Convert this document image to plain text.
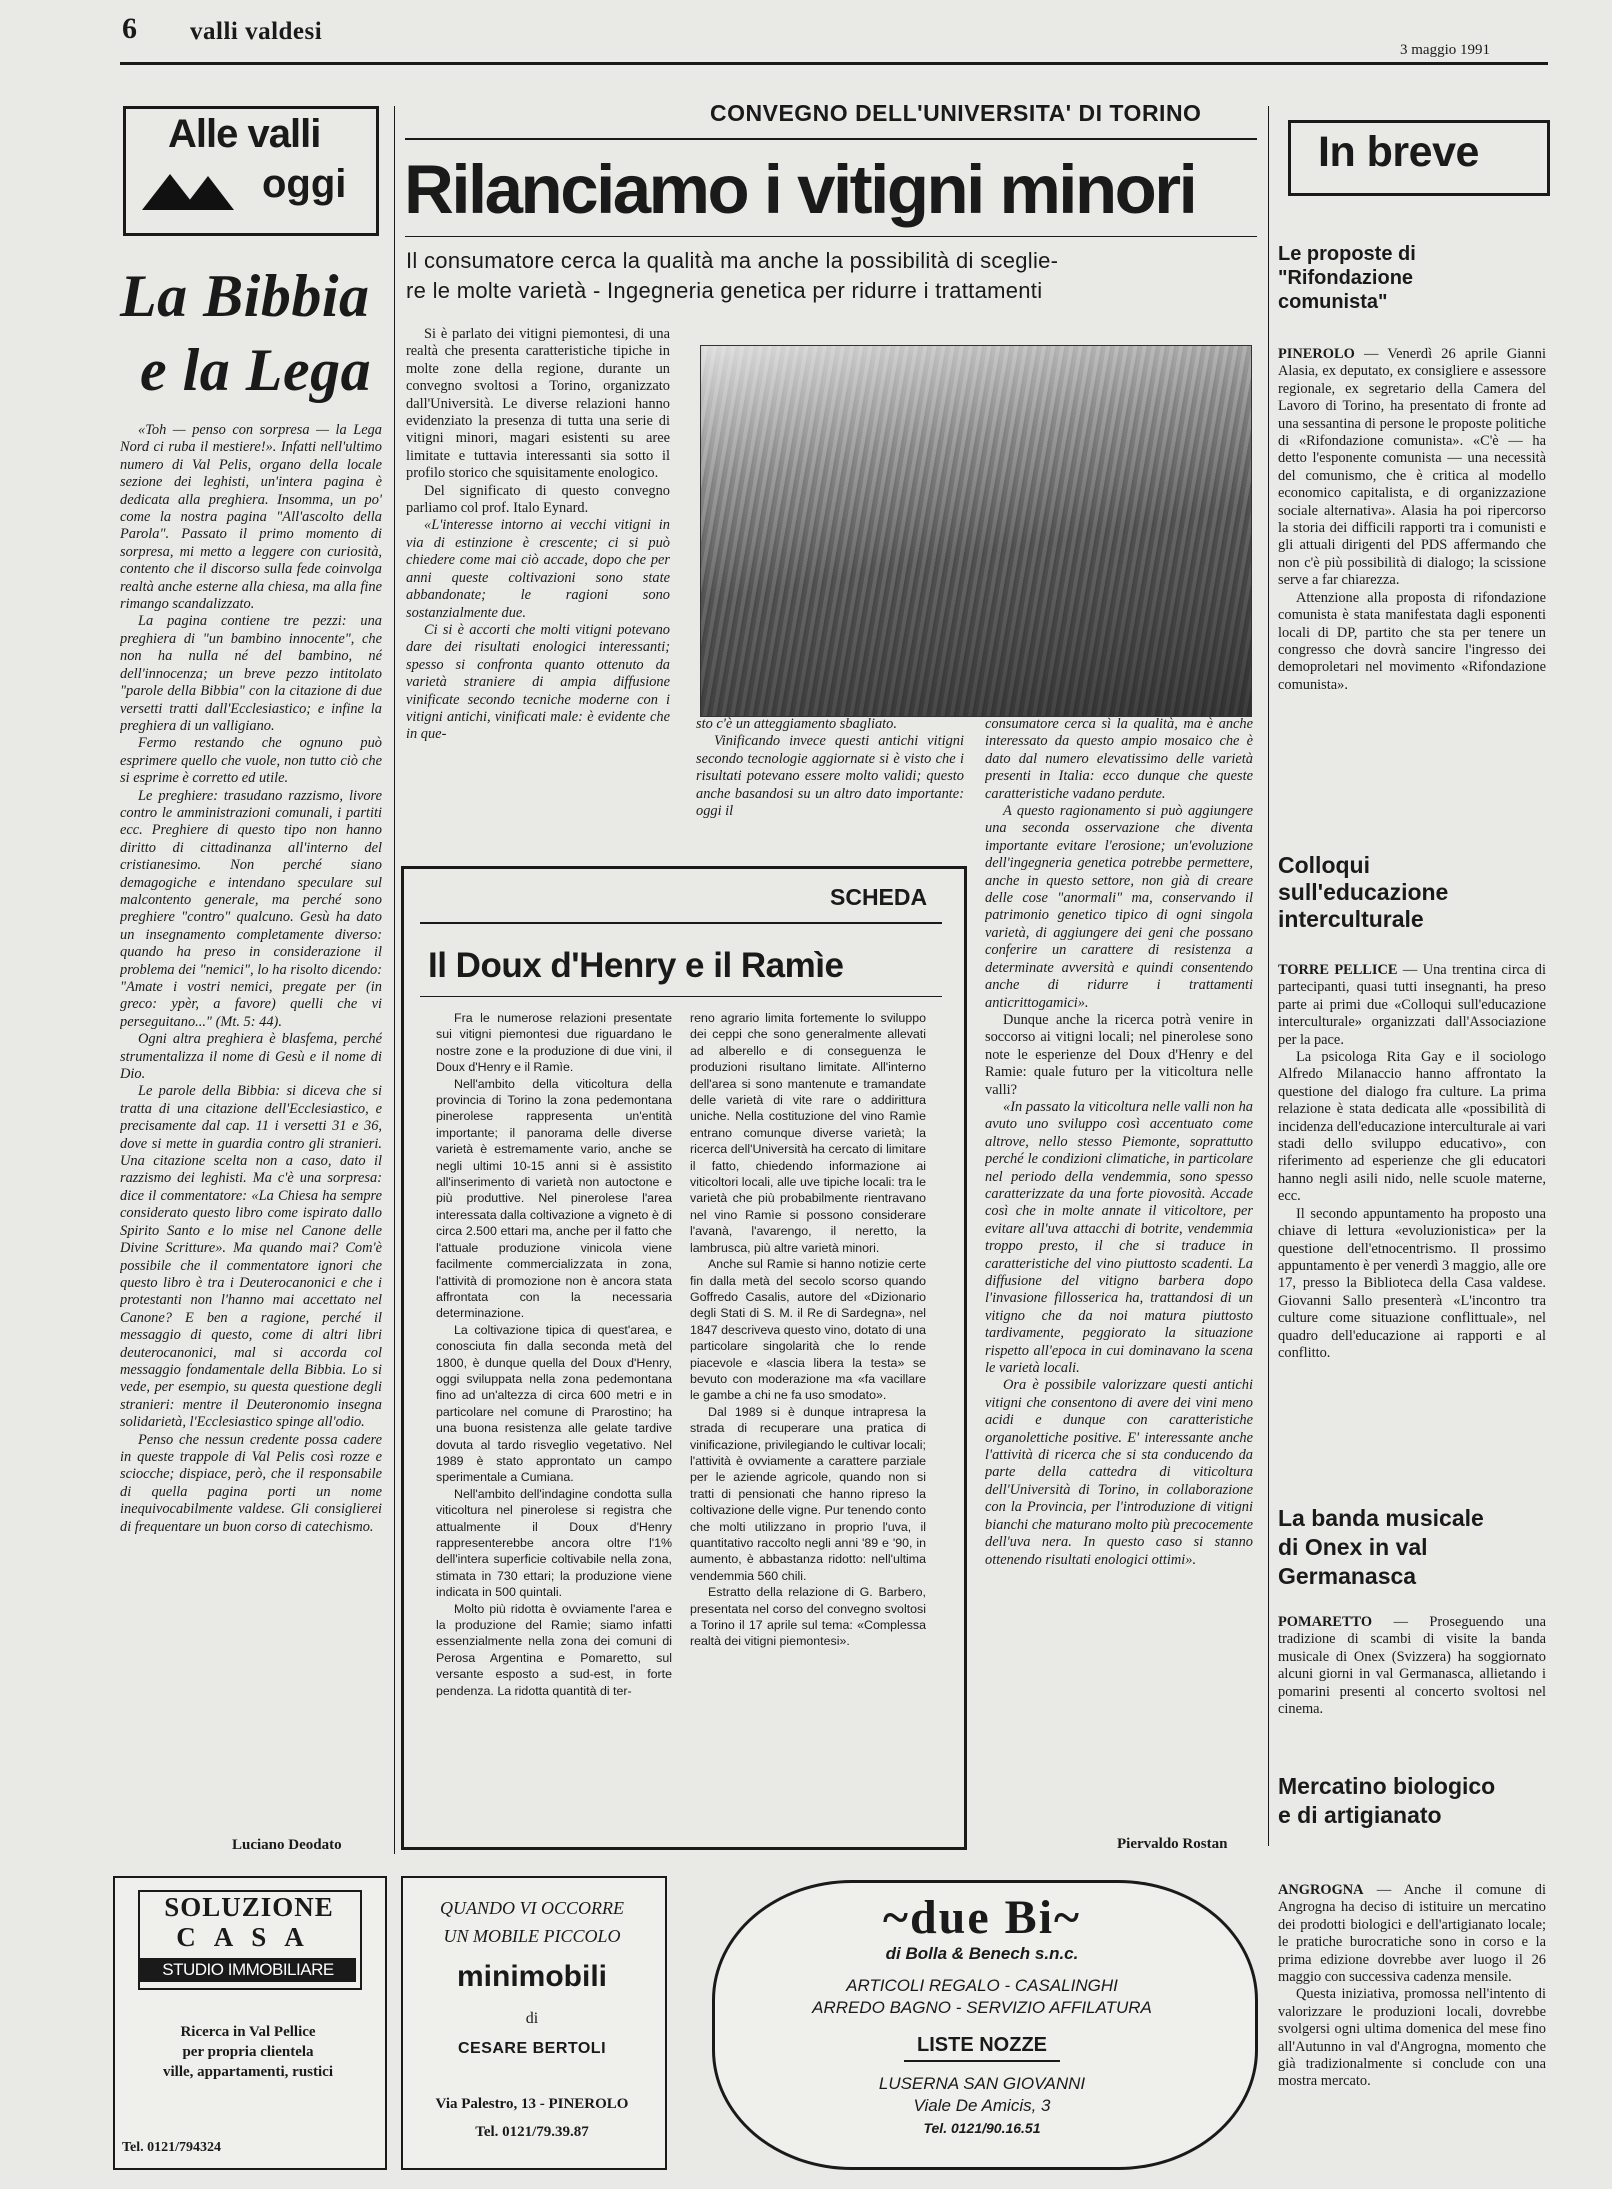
6 valli valdesi
3 maggio 1991
Alle valli
oggi
La Bibbia
e la Lega

«Toh — penso con sorpresa — la Lega Nord ci ruba il mestiere!». Infatti nell'ultimo numero di Val Pelis, organo della locale sezione dei leghisti, un'intera pagina è dedicata alla preghiera. Insomma, un po' come la nostra pagina "All'ascolto della Parola". Passato il primo momento di sorpresa, mi metto a leggere con curiosità, contento che il discorso sulla fede coinvolga realtà anche esterne alla chiesa, ma alla fine rimango scandalizzato.

La pagina contiene tre pezzi: una preghiera di "un bambino innocente", che non ha nulla né del bambino, né dell'innocenza; un breve pezzo intitolato "parole della Bibbia" con la citazione di due versetti tratti dall'Ecclesiastico; e infine la preghiera di un valligiano.

Fermo restando che ognuno può esprimere quello che vuole, non tutto ciò che si esprime è corretto ed utile.

Le preghiere: trasudano razzismo, livore contro le amministrazioni comunali, i partiti ecc. Preghiere di questo tipo non hanno diritto di cittadinanza all'interno del cristianesimo. Non perché siano demagogiche e intendano speculare sul malcontento generale, ma perché sono preghiere "contro" qualcuno. Gesù ha dato un insegnamento completamente diverso: quando ha preso in considerazione il problema dei "nemici", lo ha risolto dicendo: "Amate i vostri nemici, pregate per (in greco: ypèr, a favore) quelli che vi perseguitano..." (Mt. 5: 44).

Ogni altra preghiera è blasfema, perché strumentalizza il nome di Gesù e il nome di Dio.

Le parole della Bibbia: si diceva che si tratta di una citazione dell'Ecclesiastico, e precisamente dal cap. 11 i versetti 31 e 36, dove si mette in guardia contro gli stranieri. Una citazione scelta non a caso, dato il razzismo dei leghisti. Ma c'è una sorpresa: dice il commentatore: «La Chiesa ha sempre considerato questo libro come ispirato dallo Spirito Santo e lo mise nel Canone delle Divine Scritture». Ma quando mai? Com'è possibile che il commentatore ignori che questo libro è tra i Deuterocanonici e che i protestanti non l'hanno mai accettato nel Canone? E ben a ragione, perché il messaggio di questo, come di altri libri deuterocanonici, mal si accorda col messaggio fondamentale della Bibbia. Lo si vede, per esempio, su questa questione degli stranieri: mentre il Deuteronomio insegna solidarietà, l'Ecclesiastico spinge all'odio.

Penso che nessun credente possa cadere in queste trappole di Val Pelis così rozze e sciocche; dispiace, però, che il responsabile di quella pagina porti un nome inequivocabilmente valdese. Gli consiglierei di frequentare un buon corso di catechismo.

Luciano Deodato
CONVEGNO DELL'UNIVERSITA' DI TORINO
Rilanciamo i vitigni minori
Il consumatore cerca la qualità ma anche la possibilità di sceglie-
re le molte varietà - Ingegneria genetica per ridurre i trattamenti

Si è parlato dei vitigni piemontesi, di una realtà che presenta caratteristiche tipiche in molte zone della regione, durante un convegno svoltosi a Torino, organizzato dall'Università. Le diverse relazioni hanno evidenziato la presenza di tutta una serie di vitigni minori, magari esistenti su aree limitate e tuttavia interessanti sia sotto il profilo storico che squisitamente enologico.

Del significato di questo convegno parliamo col prof. Italo Eynard.

«L'interesse intorno ai vecchi vitigni in via di estinzione è crescente; ci si può chiedere come mai ciò accade, dopo che per anni queste coltivazioni sono state abbandonate; le ragioni sono sostanzialmente due.

Ci si è accorti che molti vitigni potevano dare dei risultati enologici interessanti; spesso si confronta quanto ottenuto da varietà straniere di ampia diffusione vinificate secondo tecniche moderne con i vitigni antichi, vinificati male: è evidente che in que-

sto c'è un atteggiamento sbagliato.

Vinificando invece questi antichi vitigni secondo tecnologie aggiornate si è visto che i risultati potevano essere molto validi; questo anche basandosi su un altro dato importante: oggi il

consumatore cerca sì la qualità, ma è anche interessato da questo ampio mosaico che è dato dal numero elevatissimo delle varietà presenti in Italia: ecco dunque che queste caratteristiche vadano perdute.

A questo ragionamento si può aggiungere una seconda osservazione che diventa importante evitare l'erosione; un'evoluzione dell'ingegneria genetica potrebbe permettere, anche in questo settore, non già di creare delle cose "anormali" ma, conservando il patrimonio genetico tipico di ogni singola varietà, di aggiungere dei geni che possano conferire un carattere di resistenza a determinate avversità e quindi consentendo anche di ridurre i trattamenti anticrittogamici».

Dunque anche la ricerca potrà venire in soccorso ai vitigni locali; nel pinerolese sono note le esperienze del Doux d'Henry e del Ramie: quale futuro per la viticoltura nelle valli?

«In passato la viticoltura nelle valli non ha avuto uno sviluppo così accentuato come altrove, nello stesso Piemonte, soprattutto perché le condizioni climatiche, in particolare nel periodo della vendemmia, sono spesso caratterizzate da una forte piovosità. Accade così che in molte annate il viticoltore, per evitare all'uva attacchi di botrite, vendemmia troppo presto, il che si traduce in caratteristiche del vino piuttosto scadenti. La diffusione del vitigno barbera dopo l'invasione fillosserica ha, trattandosi di un vitigno che da noi matura piuttosto tardivamente, peggiorato la situazione rispetto all'epoca in cui dominavano la scena le varietà locali.

Ora è possibile valorizzare questi antichi vitigni che consentono di avere dei vini meno acidi e dunque con caratteristiche organolettiche positive. E' interessante anche l'attività di ricerca che si sta conducendo da parte della cattedra di viticoltura dell'Università di Torino, in collaborazione con la Provincia, per l'introduzione di vitigni bianchi che maturano molto più precocemente dell'uva nera. In questo caso si stanno ottenendo risultati enologici ottimi».

Piervaldo Rostan
SCHEDA
Il Doux d'Henry e il Ramìe

Fra le numerose relazioni presentate sui vitigni piemontesi due riguardano le nostre zone e la produzione di due vini, il Doux d'Henry e il Ramìe.

Nell'ambito della viticoltura della provincia di Torino la zona pedemontana pinerolese rappresenta un'entità importante; il panorama delle diverse varietà è estremamente vario, anche se negli ultimi 10-15 anni si è assistito all'inserimento di varietà non autoctone e più produttive. Nel pinerolese l'area interessata dalla coltivazione a vigneto è di circa 2.500 ettari ma, anche per il fatto che l'attuale produzione vinicola viene facilmente commercializzata in zona, l'attività di promozione non è ancora stata affrontata con la necessaria determinazione.

La coltivazione tipica di quest'area, e conosciuta fin dalla seconda metà del 1800, è dunque quella del Doux d'Henry, oggi sviluppata nella zona pedemontana fino ad un'altezza di circa 600 metri e in particolare nel comune di Prarostino; ha una buona resistenza alle gelate tardive dovuta al tardo risveglio vegetativo. Nel 1989 è stato approntato un campo sperimentale a Cumiana.

Nell'ambito dell'indagine condotta sulla viticoltura nel pinerolese si registra che attualmente il Doux d'Henry rappresenterebbe ancora oltre l'1% dell'intera superficie coltivabile nella zona, stimata in 730 ettari; la produzione viene indicata in 500 quintali.

Molto più ridotta è ovviamente l'area e la produzione del Ramìe; siamo infatti essenzialmente nella zona dei comuni di Perosa Argentina e Pomaretto, sul versante esposto a sud-est, in forte pendenza. La ridotta quantità di ter-

reno agrario limita fortemente lo sviluppo dei ceppi che sono generalmente allevati ad alberello e di conseguenza le produzioni risultano limitate. All'interno dell'area si sono mantenute e tramandate delle varietà di vite rare o addirittura uniche. Nella costituzione del vino Ramìe entrano comunque diverse varietà; la ricerca dell'Università ha cercato di limitare il fatto, chiedendo informazione ai viticoltori locali, alle uve tipiche locali: tra le varietà che più probabilmente rientravano nel vino Ramìe si possono considerare l'avanà, l'avarengo, il neretto, la lambrusca, più altre varietà minori.

Anche sul Ramìe si hanno notizie certe fin dalla metà del secolo scorso quando Goffredo Casalis, autore del «Dizionario degli Stati di S. M. il Re di Sardegna», nel 1847 descriveva questo vino, dotato di una particolare singolarità che lo rende piacevole e «lascia libera la testa» se bevuto con moderazione ma «fa vacillare le gambe a chi ne fa uso smodato».

Dal 1989 si è dunque intrapresa la strada di recuperare una pratica di vinificazione, privilegiando le cultivar locali; l'attività è ovviamente a carattere parziale per le aziende agricole, quando non si tratti di pensionati che hanno ripreso la coltivazione delle vigne. Pur tenendo conto che molti utilizzano in proprio l'uva, il quantitativo raccolto negli anni '89 e '90, in aumento, è abbastanza ridotto: nell'ultima vendemmia 560 chili.

Estratto della relazione di G. Barbero, presentata nel corso del convegno svoltosi a Torino il 17 aprile sul tema: «Complessa realtà dei vitigni piemontesi».

In breve
Le proposte di "Rifondazione comunista"

PINEROLO — Venerdì 26 aprile Gianni Alasia, ex deputato, ex consigliere e assessore regionale, ex segretario della Camera del Lavoro di Torino, ha presentato di fronte ad una sessantina di persone le proposte politiche di «Rifondazione comunista». «C'è — ha detto l'esponente comunista — una necessità del comunismo, che è critica al modello economico capitalista, e di organizzazione sociale alternativa». Alasia ha poi ripercorso la storia dei difficili rapporti tra i comunisti e gli attuali dirigenti del PDS affermando che non c'è più possibilità di dialogo; la scissione serve a far chiarezza.

Attenzione alla proposta di rifondazione comunista è stata manifestata dagli esponenti locali di DP, partito che sta per tenere un congresso che dovrà sancire l'ingresso dei demoproletari nel movimento «Rifondazione comunista».

Colloqui sull'educazione interculturale

TORRE PELLICE — Una trentina circa di partecipanti, quasi tutti insegnanti, ha preso parte ai primi due «Colloqui sull'educazione interculturale» organizzati dall'Associazione per la pace.

La psicologa Rita Gay e il sociologo Alfredo Milanaccio hanno affrontato la questione del dialogo fra culture. La prima relazione è stata dedicata alle «possibilità di incidenza dell'educazione interculturale ai vari stadi dello sviluppo educativo», con riferimento ad esperienze che gli educatori hanno negli asili nido, nelle scuole materne, ecc.

Il secondo appuntamento ha proposto una chiave di lettura «evoluzionistica» per la questione dell'etnocentrismo. Il prossimo appuntamento è per venerdì 3 maggio, alle ore 17, presso la Biblioteca della Casa valdese. Giovanni Sallo presenterà «L'incontro tra culture come situazione conflittuale», nel quadro dell'educazione ai rapporti e al conflitto.

La banda musicale di Onex in val Germanasca

POMARETTO — Proseguendo una tradizione di scambi di visite la banda musicale di Onex (Svizzera) ha soggiornato alcuni giorni in val Germanasca, allietando i pomarini presenti al concerto svoltosi nel cinema.

Mercatino biologico e di artigianato

ANGROGNA — Anche il comune di Angrogna ha deciso di istituire un mercatino dei prodotti biologici e dell'artigianato locale; le pratiche burocratiche sono in corso e la prima edizione dovrebbe aver luogo il 26 maggio con successiva cadenza mensile.

Questa iniziativa, promossa nell'intento di valorizzare le produzioni locali, dovrebbe svolgersi ogni ultima domenica del mese fino all'Autunno in val d'Angrogna, momento che già tradizionalmente si conclude con una mostra mercato.

SOLUZIONE
CASA
STUDIO IMMOBILIARE
Ricerca in Val Pellice
per propria clientela
ville, appartamenti, rustici
Tel. 0121/794324
QUANDO VI OCCORRE
UN MOBILE PICCOLO
minimobili
di
CESARE BERTOLI
Via Palestro, 13 - PINEROLO
Tel. 0121/79.39.87
~due Bi~
di Bolla & Benech s.n.c.
ARTICOLI REGALO - CASALINGHI
ARREDO BAGNO - SERVIZIO AFFILATURA
LISTE NOZZE
LUSERNA SAN GIOVANNI
Viale De Amicis, 3
Tel. 0121/90.16.51
